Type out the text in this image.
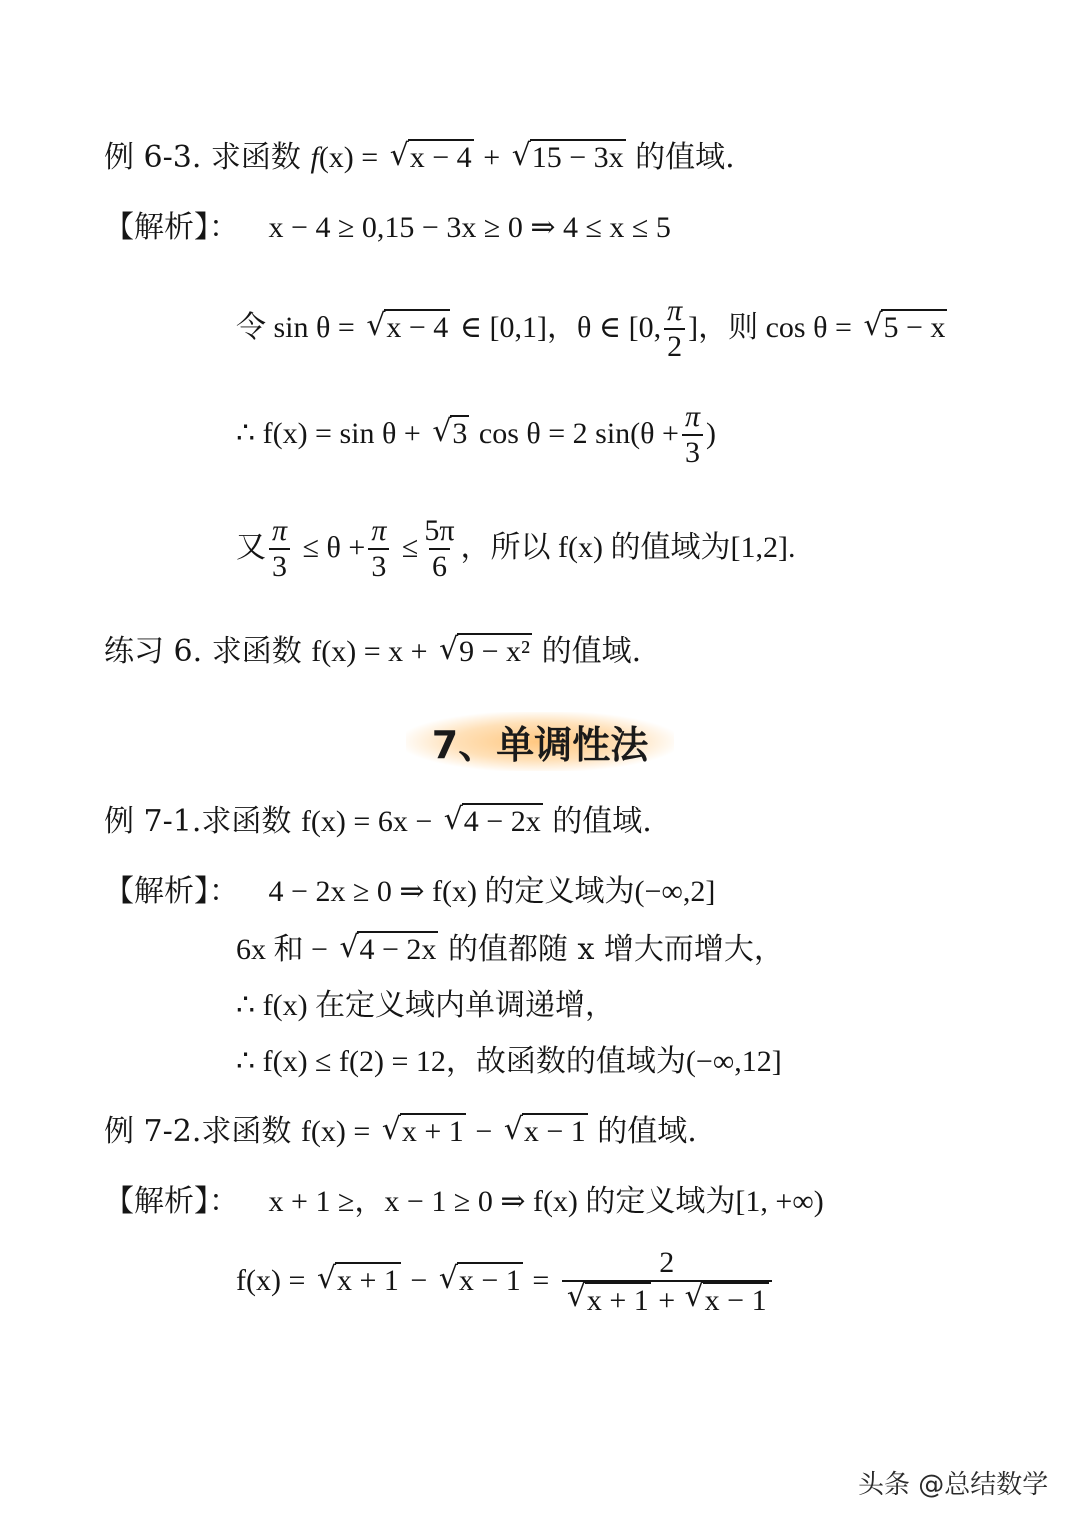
例 6-3. 求函数 f(x) = √ x − 4 + √ 15 − 3x 的值域.
【解析】： x − 4 ≥ 0,15 − 3x ≥ 0 ⇒ 4 ≤ x ≤ 5
令 sin θ = √ x − 4 ∈ [0,1]，θ ∈ [0, $\frac{\pi}{2}$ ]，则 cos θ = √ 5 − x
∴ f(x) = sin θ + √ 3 cos θ = 2 $\sin(\theta + \frac{\pi}{3}$ )
又 $\frac{\pi}{3} \le \theta + \frac{\pi}{3} \le \frac{5\pi}{6}$ ，所以 f(x) 的值域为[1,2].
练习 6. 求函数 f(x) = x + √ 9 − x² 的值域.
7、单调性法
例 7-1.求函数 f(x) = 6x − √ 4 − 2x 的值域.
【解析】： 4 − 2x ≥ 0 ⇒ f(x) 的定义域为(−∞,2]
6x 和 − √ 4 − 2x 的值都随 x 增大而增大，
∴ f(x) 在定义域内单调递增，
∴ f(x) ≤ f(2) = 12，故函数的值域为(−∞,12]
例 7-2.求函数 f(x) = √ x + 1 − √ x − 1 的值域.
【解析】： x + 1 ≥，x − 1 ≥ 0 ⇒ f(x) 的定义域为[1, +∞)
f(x) = √ x + 1 − √ x − 1 = 2
√ x + 1 + √ x − 1
头条 @总结数学
